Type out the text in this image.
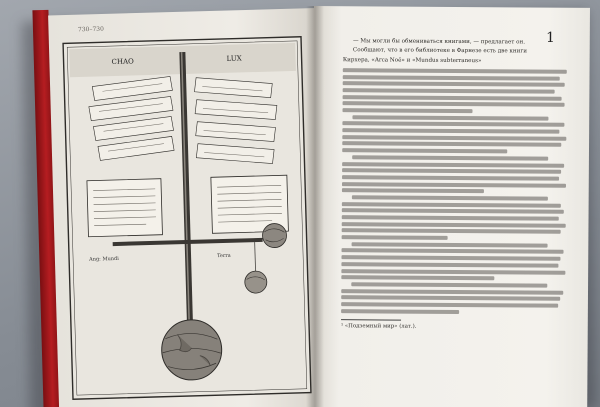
730–730
CHAO	LUX
Ang: Mundi	Terra
1
— Мы могли бы обмениваться книгами, — предлагает он.
Сообщают, что в его библиотеке в Фарнезе есть две книги
Кирхера, «Arca Noë» и «Mundus subterraneus»
¹ «Подземный мир» (лат.).
